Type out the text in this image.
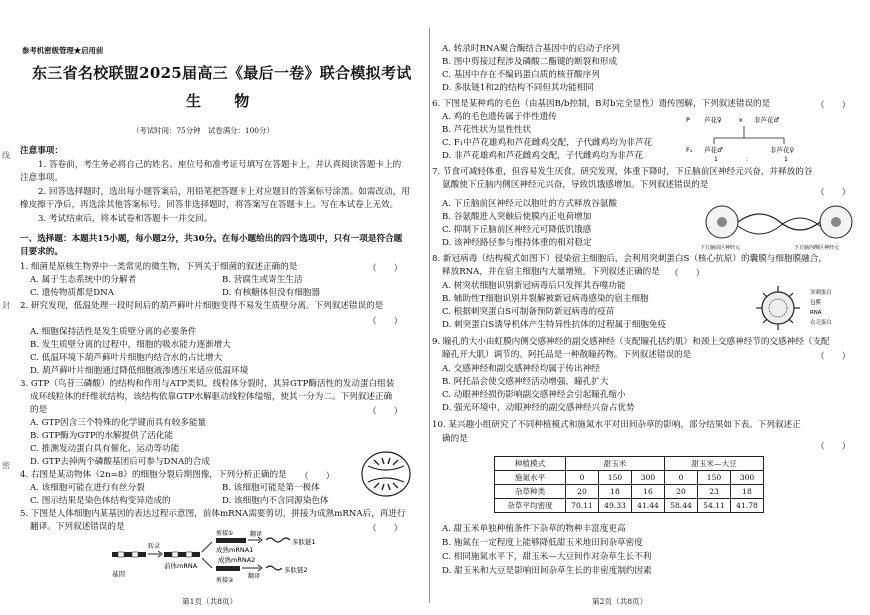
参考机密级管理★启用前
东三省名校联盟2025届高三《最后一卷》联合模拟考试
生 物
（考试时间：75分钟　试卷满分：100分）
线
封
密
注意事项：
1. 答卷前，考生务必将自己的姓名、座位号和准考证号填写在答题卡上，并认真阅读答题卡上的
注意事项。
2. 回答选择题时，选出每小题答案后，用铅笔把答题卡上对应题目的答案标号涂黑。如需改动，用
橡皮擦干净后，再选涂其他答案标号。回答非选择题时，将答案写在答题卡上。写在本试卷上无效。
3. 考试结束后，将本试卷和答题卡一并交回。
一、选择题：本题共15小题，每小题2分，共30分。在每小题给出的四个选项中，只有一项是符合题
目要求的。
1. 细菌是原核生物界中一类常见的微生物，下列关于细菌的叙述正确的是	（　　）
A. 属于生态系统中的分解者	B. 营腐生或寄生生活
C. 遗传物质都是DNA	D. 有核糖体但没有细胞器
2. 研究发现，低温处理一段时间后的葫芦藓叶片细胞变得不易发生质壁分离。下列叙述错误的是
（　　）
A. 细胞保持活性是发生质壁分离的必要条件
B. 发生质壁分离的过程中，细胞的吸水能力逐渐增大
C. 低温环境下葫芦藓叶片细胞内结合水的占比增大
D. 葫芦藓叶片细胞通过降低细胞液渗透压来适应低温环境
3. GTP（鸟苷三磷酸）的结构和作用与ATP类似。线粒体分裂时，其异GTP酶活性的发动蛋白组装
成环线粒体的纤维状结构，该结构依靠GTP水解驱动线粒体缢缩，使其一分为二。下列叙述正确
的是	（　　）
A. GTP因含三个特殊的化学键而具有较多能量
B. GTP酶为GTP的水解提供了活化能
C. 推测发动蛋白具有催化、运动等功能
D. GTP去掉两个磷酸基团后可参与DNA的合成
4. 右图是某动物体（2n=8）的细胞分裂后期图像，下列分析正确的是 （　　）
A. 该细胞可能在进行有丝分裂	B. 该细胞可能是第一极体
C. 图示结果是染色体结构变异造成的	D. 该细胞内不含同源染色体
5. 下图是人体细胞内某基因的表达过程示意图，前体mRNA需要剪切，拼接为成熟mRNA后，再进行
翻译。下列叙述错误的是	（　　）
基因
转录
前体mRNA
剪接①
剪接②
成熟mRNA1
成熟mRNA2
翻译
翻译
多肽链1
多肽链2
第1页（共8页）
A. 转录时RNA聚合酶结合基因中的启动子序列
B. 图中剪接过程涉及磷酸二酯键的断裂和形成
C. 基因中存在不编码蛋白质的核苷酸序列
D. 多肽链1和2的结构不同但其功能相同
6. 下图是某种鸡的毛色（由基因B/b控制，B对b完全显性）遗传图解，下列叙述错误的是	（　　）
A. 鸡的毛色遗传属于伴性遗传
B. 芦花性状为显性性状
C. F₁中芦花雄鸡和芦花雌鸡交配，子代雌鸡均为非芦花
D. 非芦花雄鸡和芦花雌鸡交配，子代雌鸡均为非芦花
P 芦花♀ × 非芦花♂
F₁ 芦花♂	非芦花♀
1	:	1
7. 节食可减轻体重，但容易发生厌食。研究发现，体重下降时，下丘脑前区神经元兴奋，并释放的谷
氨酸使下丘脑内侧区神经元兴奋，导致饥饿感增加。下列叙述错误的是
（　　）
A. 下丘脑前区神经元以胞吐的方式释放谷氨酸
B. 谷氨酸进入突触后使膜内正电荷增加
C. 抑制下丘脑前区神经元可降低饥饿感
D. 该神经路径参与维持体重的相对稳定	下丘脑前区神经元	下丘脑内侧区神经元
8. 新冠病毒（结构模式如图下）侵染宿主细胞后，会利用突刺蛋白S（核心抗原）的囊膜与细胞膜融合，
释放RNA，并在宿主细胞内大量增殖。下列叙述正确的是 （　　）
A. 树突状细胞识别新冠病毒后只发挥其吞噬功能
B. 辅助性T细胞识别并裂解被新冠病毒感染的宿主细胞
C. 根据刺突蛋白S可制备预防新冠病毒的疫苗
D. 刺突蛋白S诱导机体产生特异性抗体的过程属于细胞免疫
突刺蛋白
包膜
RNA
衣壳蛋白
9. 瞳孔的大小由虹膜内侧交感神经的副交感神经（支配瞳孔括约肌）和颈上交感神经节的交感神经（支配
瞳孔开大肌）调节的。阿托品是一种散瞳药物。下列叙述错误的是	（　　）
A. 交感神经和副交感神经均属于传出神经
B. 阿托品会使交感神经活动增强，瞳孔扩大
C. 动眼神经损伤影响副交感神经会引起瞳孔缩小
D. 强光环境中，动眼神经的副交感神经兴奋占优势
10. 某兴趣小组研究了不同种植模式和施氮水平对田间杂草的影响，部分结果如下表。下列叙述正
确的是
（　　）
种植模式	甜玉米			甜玉米—大豆		
施氮水平	0	150	300	0	150	300
杂草种类	20	18	16	20	23	18
杂草平均密度	70.11	49.33	41.44	58.44	54.11	41.78
A. 甜玉米单独种植条件下杂草的物种丰富度更高
B. 施氮在一定程度上能够降低甜玉米地田间杂草密度
C. 相同施氮水平下，甜玉米—大豆间作对杂草生长不利
D. 甜玉米和大豆是影响田间杂草生长的非密度制约因素
第2页（共8页）
